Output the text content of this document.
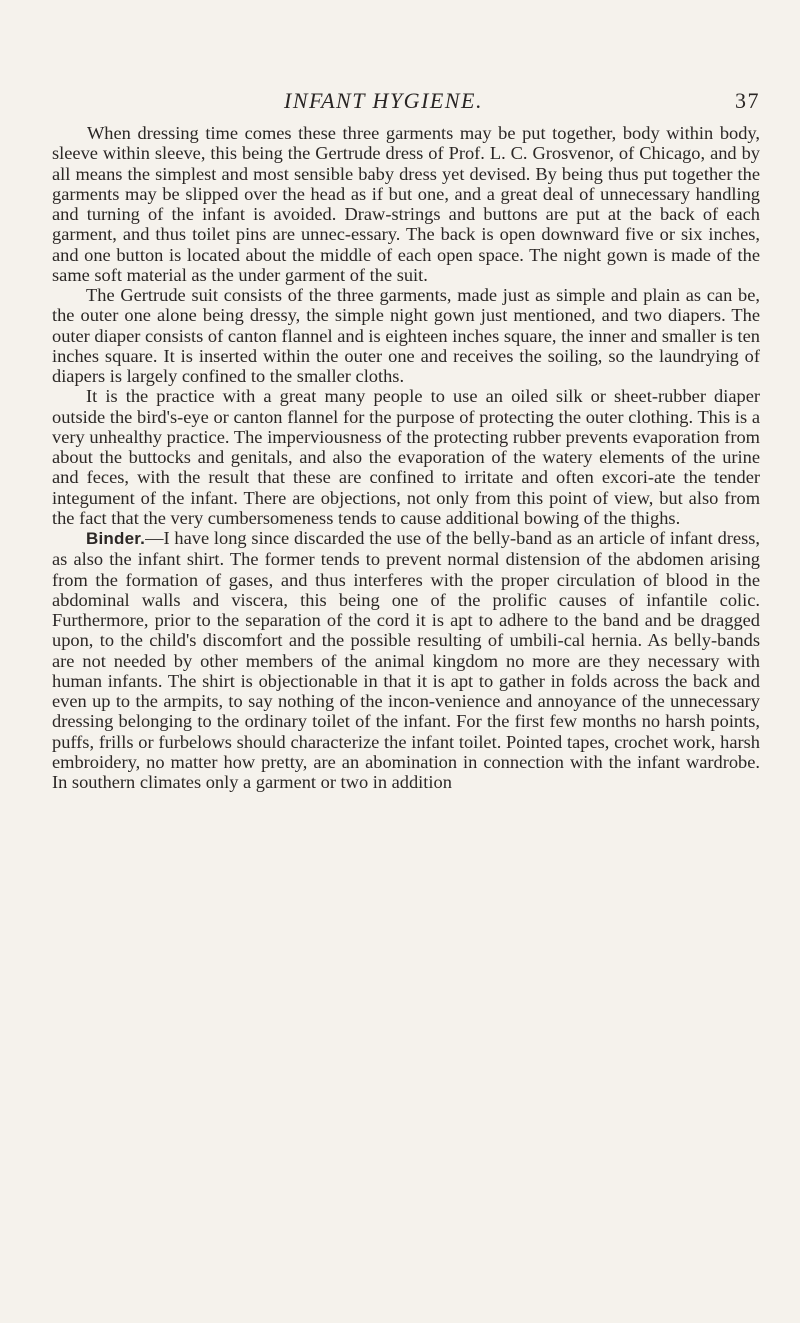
INFANT HYGIENE.	37

When dressing time comes these three garments may be put together, body within body, sleeve within sleeve, this being the Gertrude dress of Prof. L. C. Grosvenor, of Chicago, and by all means the simplest and most sensible baby dress yet devised. By being thus put together the garments may be slipped over the head as if but one, and a great deal of unnecessary handling and turning of the infant is avoided. Draw-strings and buttons are put at the back of each garment, and thus toilet pins are unnec-essary. The back is open downward five or six inches, and one button is located about the middle of each open space. The night gown is made of the same soft material as the under garment of the suit.

The Gertrude suit consists of the three garments, made just as simple and plain as can be, the outer one alone being dressy, the simple night gown just mentioned, and two diapers. The outer diaper consists of canton flannel and is eighteen inches square, the inner and smaller is ten inches square. It is inserted within the outer one and receives the soiling, so the laundrying of diapers is largely confined to the smaller cloths.

It is the practice with a great many people to use an oiled silk or sheet-rubber diaper outside the bird's-eye or canton flannel for the purpose of protecting the outer clothing. This is a very unhealthy practice. The imperviousness of the protecting rubber prevents evaporation from about the buttocks and genitals, and also the evaporation of the watery elements of the urine and feces, with the result that these are confined to irritate and often excori-ate the tender integument of the infant. There are objections, not only from this point of view, but also from the fact that the very cumbersomeness tends to cause additional bowing of the thighs.

Binder.—I have long since discarded the use of the belly-band as an article of infant dress, as also the infant shirt. The former tends to prevent normal distension of the abdomen arising from the formation of gases, and thus interferes with the proper circulation of blood in the abdominal walls and viscera, this being one of the prolific causes of infantile colic. Furthermore, prior to the separation of the cord it is apt to adhere to the band and be dragged upon, to the child's discomfort and the possible resulting of umbili-cal hernia. As belly-bands are not needed by other members of the animal kingdom no more are they necessary with human infants. The shirt is objectionable in that it is apt to gather in folds across the back and even up to the armpits, to say nothing of the incon-venience and annoyance of the unnecessary dressing belonging to the ordinary toilet of the infant. For the first few months no harsh points, puffs, frills or furbelows should characterize the infant toilet. Pointed tapes, crochet work, harsh embroidery, no matter how pretty, are an abomination in connection with the infant wardrobe. In southern climates only a garment or two in addition
